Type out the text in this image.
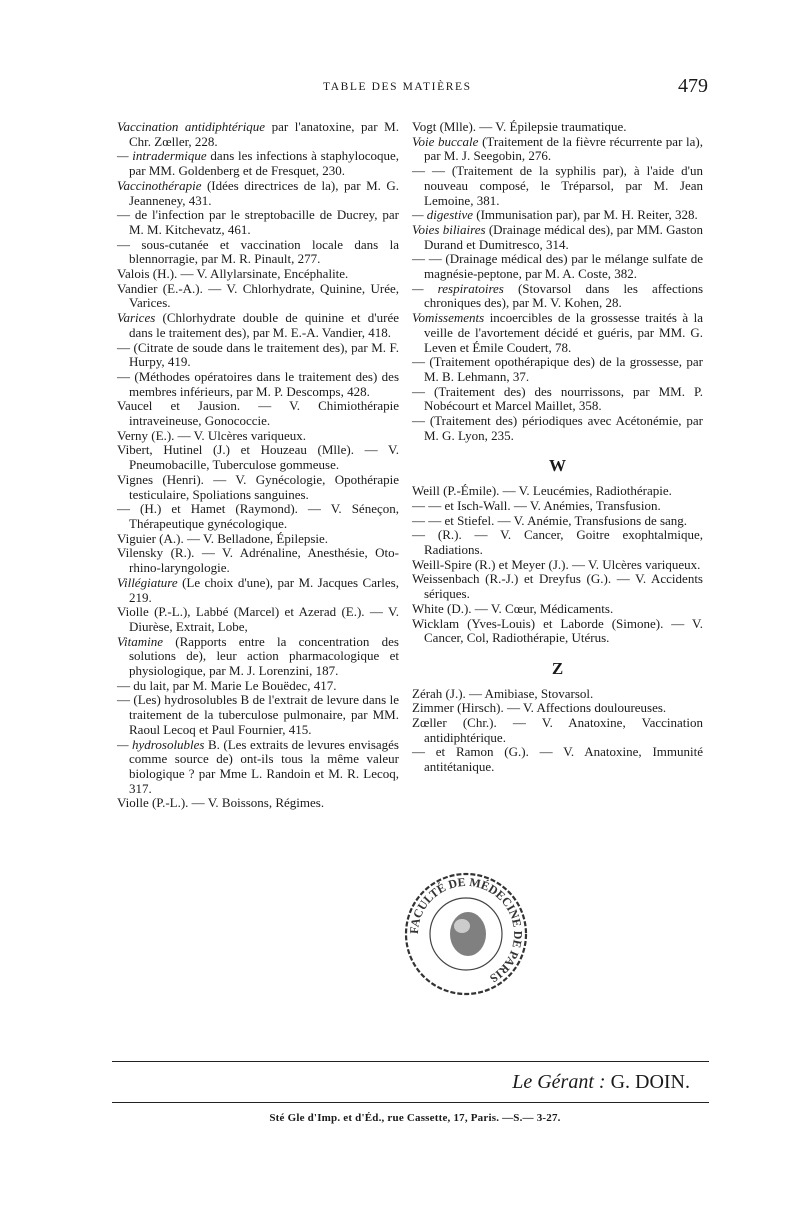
TABLE DES MATIÈRES	479

Vaccination antidiphtérique par l'anatoxine, par M. Chr. Zœller, 228.

— intradermique dans les infections à staphylocoque, par MM. Goldenberg et de Fresquet, 230.

Vaccinothérapie (Idées directrices de la), par M. G. Jeanneney, 431.

— de l'infection par le streptobacille de Ducrey, par M. M. Kitchevatz, 461.

— sous-cutanée et vaccination locale dans la blennorragie, par M. R. Pinault, 277.

Valois (H.). — V. Allylarsinate, Encéphalite.

Vandier (E.-A.). — V. Chlorhydrate, Quinine, Urée, Varices.

Varices (Chlorhydrate double de quinine et d'urée dans le traitement des), par M. E.-A. Vandier, 418.

— (Citrate de soude dans le traitement des), par M. F. Hurpy, 419.

— (Méthodes opératoires dans le traitement des) des membres inférieurs, par M. P. Descomps, 428.

Vaucel et Jausion. — V. Chimiothérapie intraveineuse, Gonococcie.

Verny (E.). — V. Ulcères variqueux.

Vibert, Hutinel (J.) et Houzeau (Mlle). — V. Pneumobacille, Tuberculose gommeuse.

Vignes (Henri). — V. Gynécologie, Opothérapie testiculaire, Spoliations sanguines.

— (H.) et Hamet (Raymond). — V. Séneçon, Thérapeutique gynécologique.

Viguier (A.). — V. Belladone, Épilepsie.

Vilensky (R.). — V. Adrénaline, Anesthésie, Oto-rhino-laryngologie.

Villégiature (Le choix d'une), par M. Jacques Carles, 219.

Violle (P.-L.), Labbé (Marcel) et Azerad (E.). — V. Diurèse, Extrait, Lobe,

Vitamine (Rapports entre la concentration des solutions de), leur action pharmacologique et physiologique, par M. J. Lorenzini, 187.

— du lait, par M. Marie Le Bouëdec, 417.

— (Les) hydrosolubles B de l'extrait de levure dans le traitement de la tuberculose pulmonaire, par MM. Raoul Lecoq et Paul Fournier, 415.

— hydrosolubles B. (Les extraits de levures envisagés comme source de) ont-ils tous la même valeur biologique ? par Mme L. Randoin et M. R. Lecoq, 317.

Violle (P.-L.). — V. Boissons, Régimes.

Vogt (Mlle). — V. Épilepsie traumatique.

Voie buccale (Traitement de la fièvre récurrente par la), par M. J. Seegobin, 276.

— — (Traitement de la syphilis par), à l'aide d'un nouveau composé, le Tréparsol, par M. Jean Lemoine, 381.

— digestive (Immunisation par), par M. H. Reiter, 328.

Voies biliaires (Drainage médical des), par MM. Gaston Durand et Dumitresco, 314.

— — (Drainage médical des) par le mélange sulfate de magnésie-peptone, par M. A. Coste, 382.

— respiratoires (Stovarsol dans les affections chroniques des), par M. V. Kohen, 28.

Vomissements incoercibles de la grossesse traités à la veille de l'avortement décidé et guéris, par MM. G. Leven et Émile Coudert, 78.

— (Traitement opothérapique des) de la grossesse, par M. B. Lehmann, 37.

— (Traitement des) des nourrissons, par MM. P. Nobécourt et Marcel Maillet, 358.

— (Traitement des) périodiques avec Acétonémie, par M. G. Lyon, 235.

W

Weill (P.-Émile). — V. Leucémies, Radiothérapie.

— — et Isch-Wall. — V. Anémies, Transfusion.

— — et Stiefel. — V. Anémie, Transfusions de sang.

— (R.). — V. Cancer, Goitre exophtalmique, Radiations.

Weill-Spire (R.) et Meyer (J.). — V. Ulcères variqueux.

Weissenbach (R.-J.) et Dreyfus (G.). — V. Accidents sériques.

White (D.). — V. Cœur, Médicaments.

Wicklam (Yves-Louis) et Laborde (Simone). — V. Cancer, Col, Radiothérapie, Utérus.

Z

Zérah (J.). — Amibiase, Stovarsol.

Zimmer (Hirsch). — V. Affections douloureuses.

Zœller (Chr.). — V. Anatoxine, Vaccination antidiphtérique.

— et Ramon (G.). — V. Anatoxine, Immunité antitétanique.

FACULTÉ DE MÉDECINE DE PARIS
Le Gérant : G. DOIN.
Sté Gle d'Imp. et d'Éd., rue Cassette, 17, Paris. —S.— 3-27.
